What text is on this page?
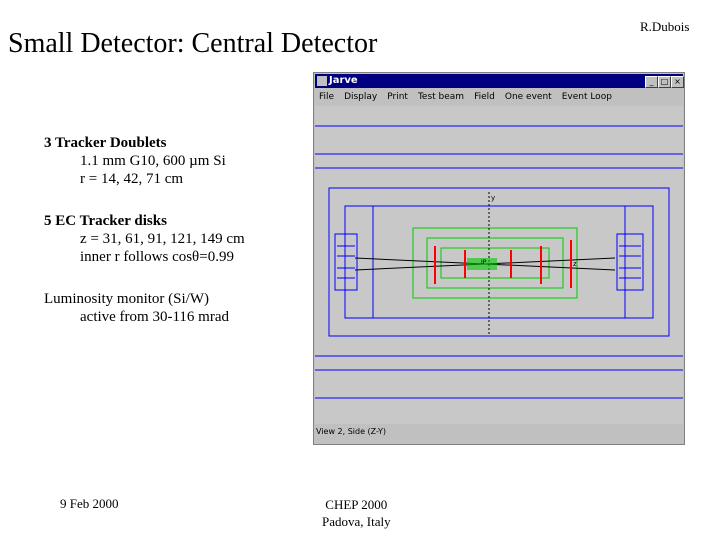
R.Dubois
Small Detector: Central Detector
3 Tracker Doublets
1.1 mm G10, 600 µm Si
r = 14, 42, 71 cm
5 EC Tracker disks
z = 31, 61, 91, 121, 149 cm
inner r follows cosθ=0.99
Luminosity monitor (Si/W)
active from 30-116 mrad
Jarve	_ □ ×
File	Display	Print	Test beam	Field	One event	Event Loop
y
z
IP
View 2, Side (Z-Y)
9 Feb 2000	CHEP 2000
Padova, Italy
